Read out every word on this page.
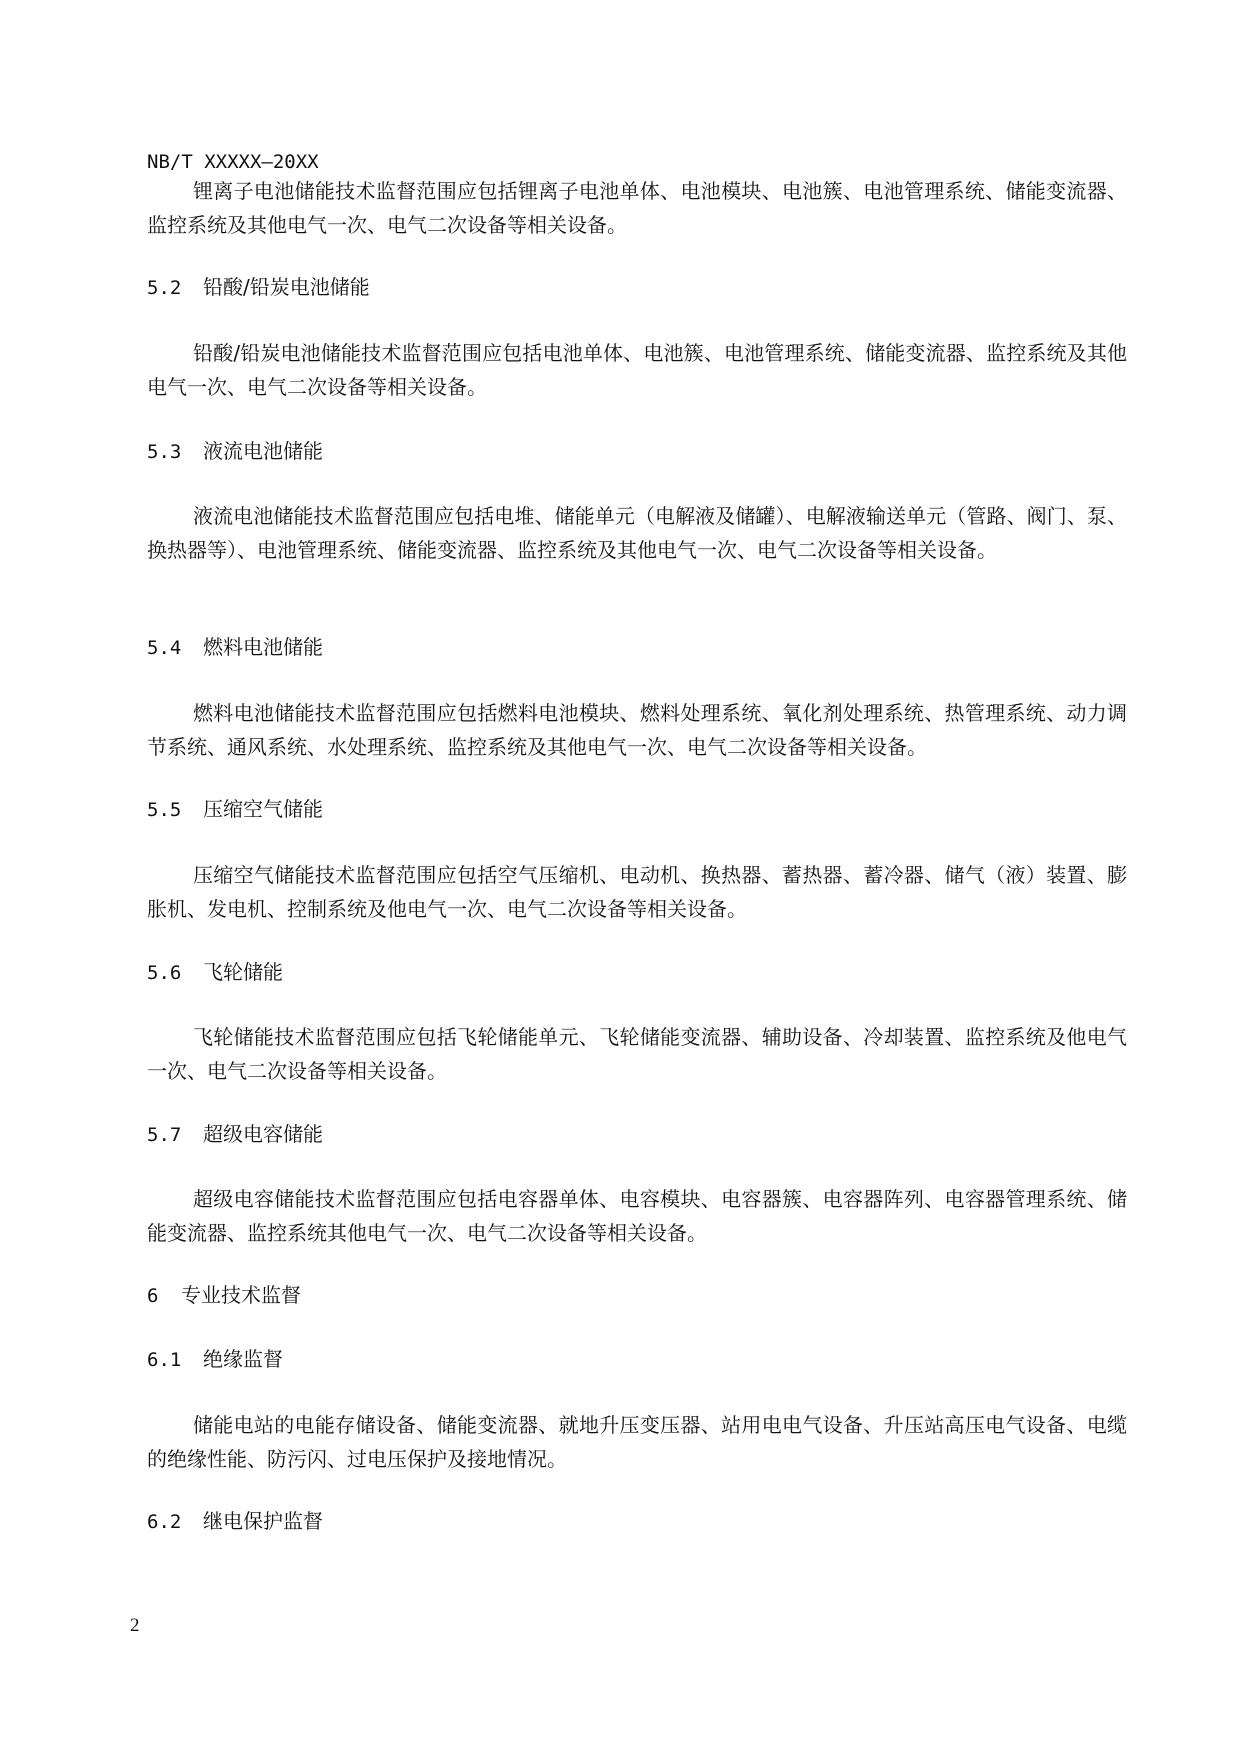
NB/T XXXXX—20XX
锂离子电池储能技术监督范围应包括锂离子电池单体、电池模块、电池簇、电池管理系统、储能变流器、监控系统及其他电气一次、电气二次设备等相关设备。
5.2 铅酸/铅炭电池储能
铅酸/铅炭电池储能技术监督范围应包括电池单体、电池簇、电池管理系统、储能变流器、监控系统及其他电气一次、电气二次设备等相关设备。
5.3 液流电池储能
液流电池储能技术监督范围应包括电堆、储能单元（电解液及储罐）、电解液输送单元（管路、阀门、泵、换热器等）、电池管理系统、储能变流器、监控系统及其他电气一次、电气二次设备等相关设备。
5.4 燃料电池储能
燃料电池储能技术监督范围应包括燃料电池模块、燃料处理系统、氧化剂处理系统、热管理系统、动力调节系统、通风系统、水处理系统、监控系统及其他电气一次、电气二次设备等相关设备。
5.5 压缩空气储能
压缩空气储能技术监督范围应包括空气压缩机、电动机、换热器、蓄热器、蓄冷器、储气（液）装置、膨胀机、发电机、控制系统及他电气一次、电气二次设备等相关设备。
5.6 飞轮储能
飞轮储能技术监督范围应包括飞轮储能单元、飞轮储能变流器、辅助设备、冷却装置、监控系统及他电气一次、电气二次设备等相关设备。
5.7 超级电容储能
超级电容储能技术监督范围应包括电容器单体、电容模块、电容器簇、电容器阵列、电容器管理系统、储能变流器、监控系统其他电气一次、电气二次设备等相关设备。
6 专业技术监督
6.1 绝缘监督
储能电站的电能存储设备、储能变流器、就地升压变压器、站用电电气设备、升压站高压电气设备、电缆的绝缘性能、防污闪、过电压保护及接地情况。
6.2 继电保护监督
2
